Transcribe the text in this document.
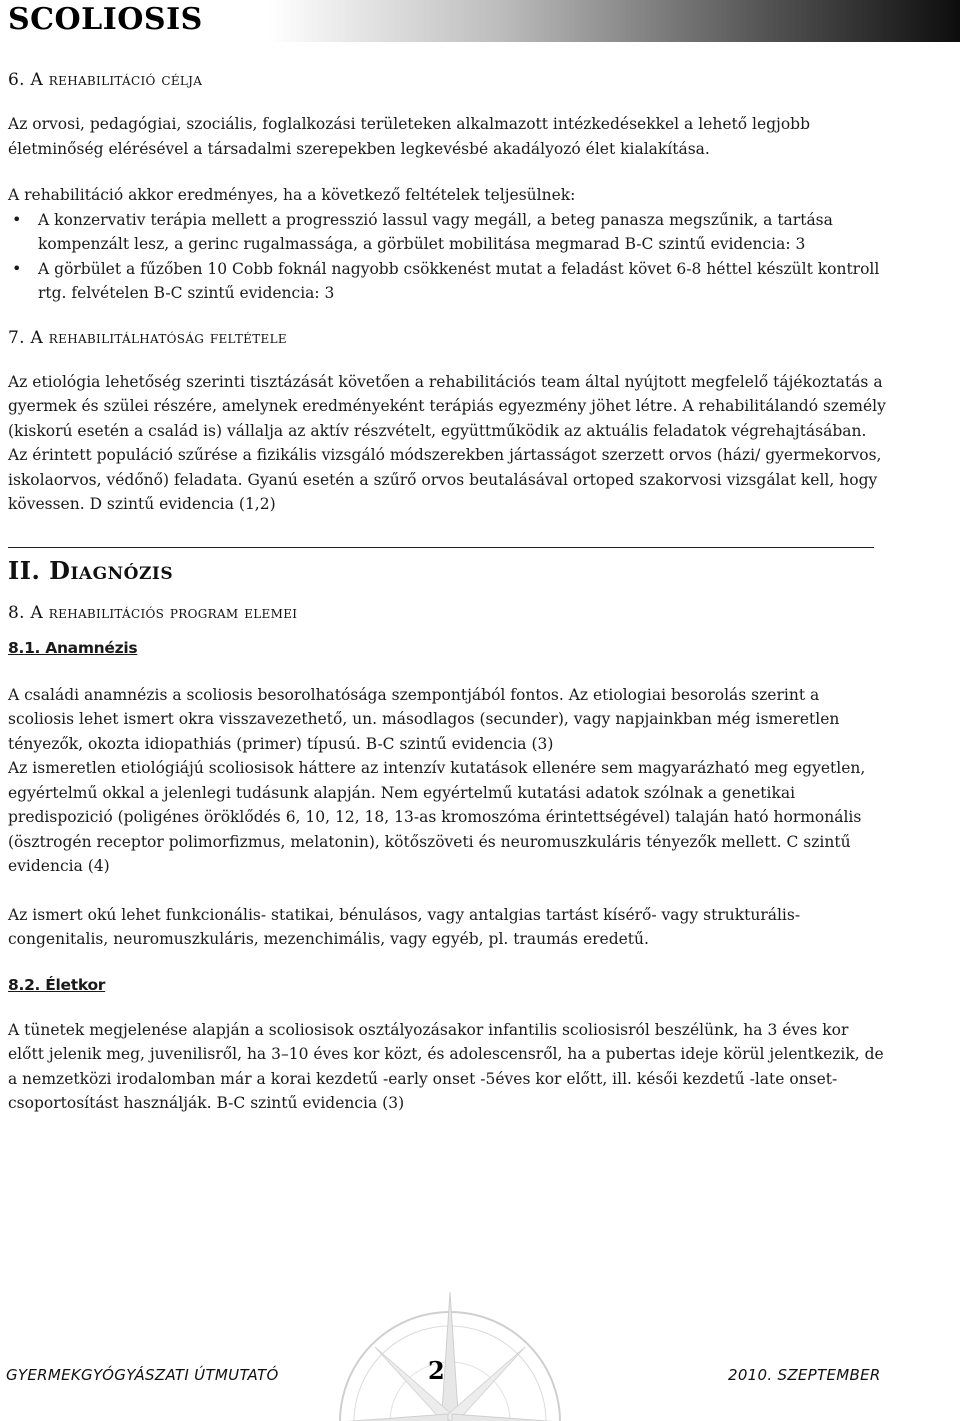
SCOLIOSIS
6. A rehabilitáció célja

Az orvosi, pedagógiai, szociális, foglalkozási területeken alkalmazott intézkedésekkel a lehető legjobb életminőség elérésével a társadalmi szerepekben legkevésbé akadályozó élet kialakítása.

A rehabilitáció akkor eredményes, ha a következő feltételek teljesülnek:

• A konzervativ terápia mellett a progresszió lassul vagy megáll, a beteg panasza megszűnik, a tartása kompenzált lesz, a gerinc rugalmassága, a görbület mobilitása megmarad B-C szintű evidencia: 3
• A görbület a fűzőben 10 Cobb foknál nagyobb csökkenést mutat a feladást követ 6-8 héttel készült kontroll rtg. felvételen B-C szintű evidencia: 3
7. A rehabilitálhatóság feltétele

Az etiológia lehetőség szerinti tisztázását követően a rehabilitációs team által nyújtott megfelelő tájékoztatás a gyermek és szülei részére, amelynek eredményeként terápiás egyezmény jöhet létre. A rehabilitálandó személy (kiskorú esetén a család is) vállalja az aktív részvételt, együttműködik az aktuális feladatok végrehajtásában. Az érintett populáció szűrése a fizikális vizsgáló módszerekben jártasságot szerzett orvos (házi/ gyermekorvos, iskolaorvos, védőnő) feladata. Gyanú esetén a szűrő orvos beutalásával ortoped szakorvosi vizsgálat kell, hogy kövessen. D szintű evidencia (1,2)

II. Diagnózis
8. A rehabilitációs program elemei
8.1. Anamnézis

A családi anamnézis a scoliosis besorolhatósága szempontjából fontos. Az etiologiai besorolás szerint a scoliosis lehet ismert okra visszavezethető, un. másodlagos (secunder), vagy napjainkban még ismeretlen tényezők, okozta idiopathiás (primer) típusú. B-C szintű evidencia (3)

Az ismeretlen etiológiájú scoliosisok háttere az intenzív kutatások ellenére sem magyarázható meg egyetlen, egyértelmű okkal a jelenlegi tudásunk alapján. Nem egyértelmű kutatási adatok szólnak a genetikai predispozició (poligénes öröklődés 6, 10, 12, 18, 13-as kromoszóma érintettségével) talaján ható hormonális (ösztrogén receptor polimorfizmus, melatonin), kötőszöveti és neuromuszkuláris tényezők mellett. C szintű evidencia (4)

Az ismert okú lehet funkcionális- statikai, bénulásos, vagy antalgias tartást kísérő- vagy strukturális- congenitalis, neuromuszkuláris, mezenchimális, vagy egyéb, pl. traumás eredetű.

8.2. Életkor

A tünetek megjelenése alapján a scoliosisok osztályozásakor infantilis scoliosisról beszélünk, ha 3 éves kor előtt jelenik meg, juvenilisről, ha 3–10 éves kor közt, és adolescensről, ha a pubertas ideje körül jelentkezik, de a nemzetközi irodalomban már a korai kezdetű -early onset -5éves kor előtt, ill. késői kezdetű -late onset- csoportosítást használják. B-C szintű evidencia (3)

GYERMEKGYÓGYÁSZATI ÚTMUTATÓ	2	2010. SZEPTEMBER
